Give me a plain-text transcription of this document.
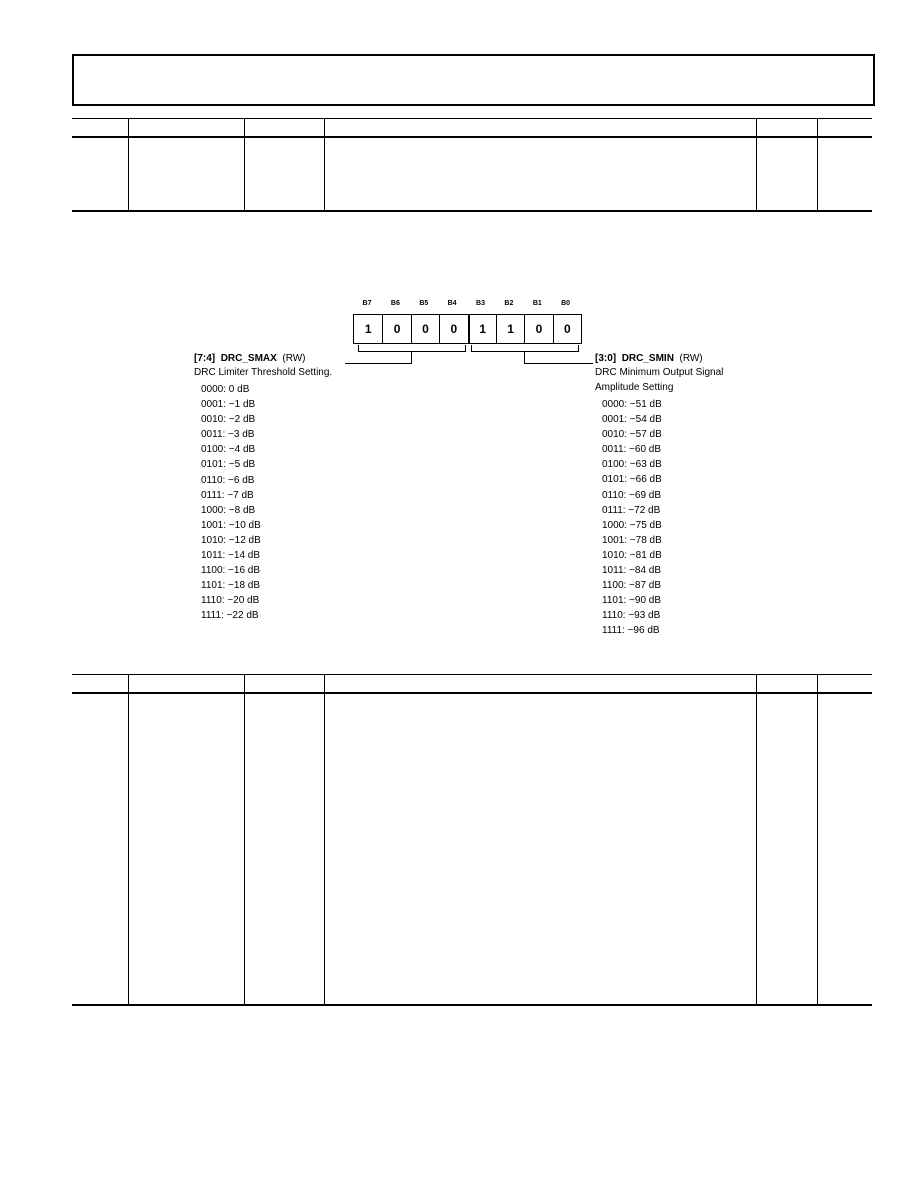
B7	B6	B5	B4	B3	B2	B1	B0
1	0	0	0	1	1	0	0
[7:4] DRC_SMAX (RW)
DRC Limiter Threshold Setting.
0000: 0 dB
0001: −1 dB
0010: −2 dB
0011: −3 dB
0100: −4 dB
0101: −5 dB
0110: −6 dB
0111: −7 dB
1000: −8 dB
1001: −10 dB
1010: −12 dB
1011: −14 dB
1100: −16 dB
1101: −18 dB
1110: −20 dB
1111: −22 dB
[3:0] DRC_SMIN (RW)
DRC Minimum Output Signal
Amplitude Setting
0000: −51 dB
0001: −54 dB
0010: −57 dB
0011: −60 dB
0100: −63 dB
0101: −66 dB
0110: −69 dB
0111: −72 dB
1000: −75 dB
1001: −78 dB
1010: −81 dB
1011: −84 dB
1100: −87 dB
1101: −90 dB
1110: −93 dB
1111: −96 dB
